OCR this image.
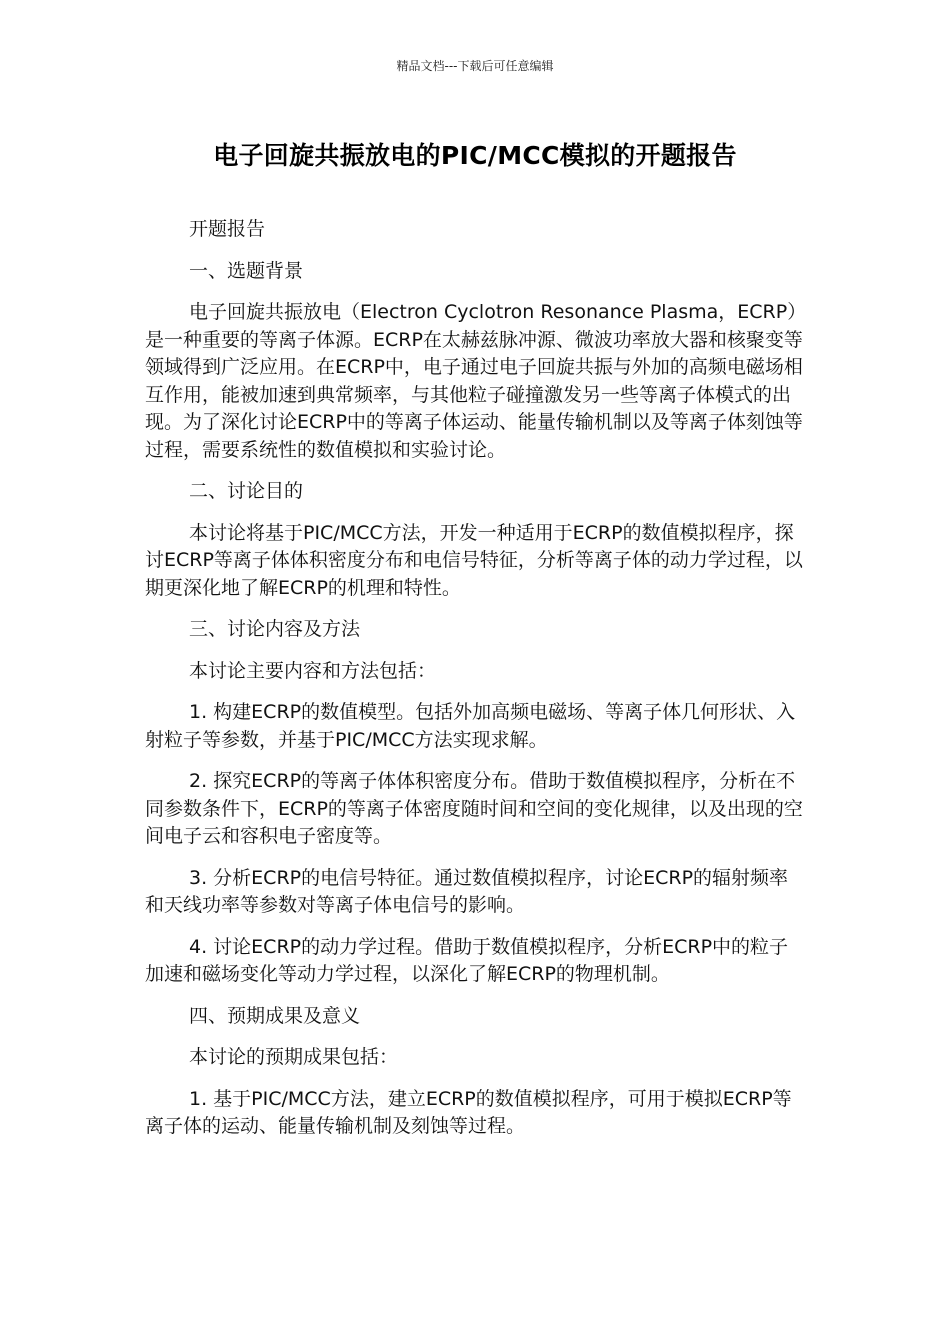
精品文档---下载后可任意编辑
电子回旋共振放电的PIC/MCC模拟的开题报告

开题报告

一、选题背景

电子回旋共振放电（Electron Cyclotron Resonance Plasma，ECRP）是一种重要的等离子体源。ECRP在太赫兹脉冲源、微波功率放大器和核聚变等领域得到广泛应用。在ECRP中，电子通过电子回旋共振与外加的高频电磁场相互作用，能被加速到典常频率，与其他粒子碰撞激发另一些等离子体模式的出现。为了深化讨论ECRP中的等离子体运动、能量传输机制以及等离子体刻蚀等过程，需要系统性的数值模拟和实验讨论。

二、讨论目的

本讨论将基于PIC/MCC方法，开发一种适用于ECRP的数值模拟程序，探讨ECRP等离子体体积密度分布和电信号特征，分析等离子体的动力学过程，以期更深化地了解ECRP的机理和特性。

三、讨论内容及方法

本讨论主要内容和方法包括：

1. 构建ECRP的数值模型。包括外加高频电磁场、等离子体几何形状、入射粒子等参数，并基于PIC/MCC方法实现求解。

2. 探究ECRP的等离子体体积密度分布。借助于数值模拟程序，分析在不同参数条件下，ECRP的等离子体密度随时间和空间的变化规律，以及出现的空间电子云和容积电子密度等。

3. 分析ECRP的电信号特征。通过数值模拟程序，讨论ECRP的辐射频率和天线功率等参数对等离子体电信号的影响。

4. 讨论ECRP的动力学过程。借助于数值模拟程序，分析ECRP中的粒子加速和磁场变化等动力学过程，以深化了解ECRP的物理机制。

四、预期成果及意义

本讨论的预期成果包括：

1. 基于PIC/MCC方法，建立ECRP的数值模拟程序，可用于模拟ECRP等离子体的运动、能量传输机制及刻蚀等过程。
